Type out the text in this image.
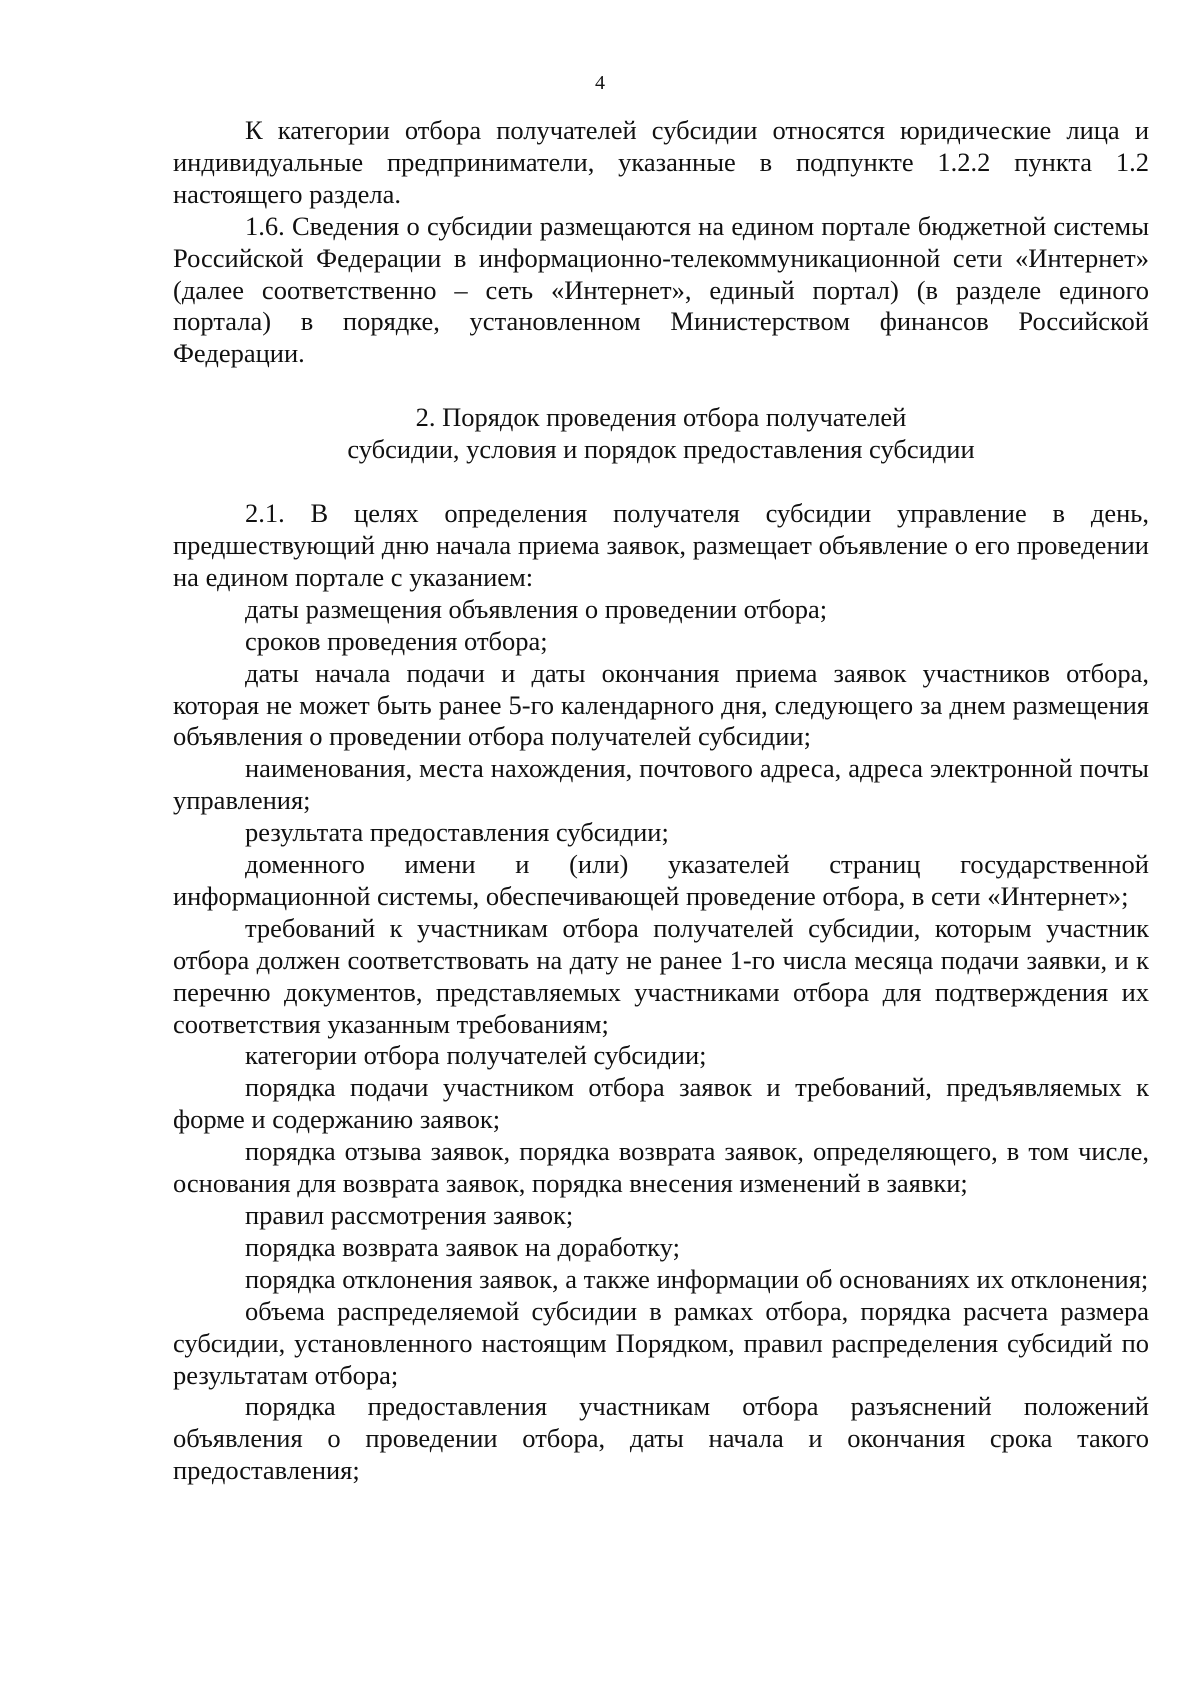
4

К категории отбора получателей субсидии относятся юридические лица и индивидуальные предприниматели, указанные в подпункте 1.2.2 пункта 1.2 настоящего раздела.

1.6. Сведения о субсидии размещаются на едином портале бюджетной системы Российской Федерации в информационно-телекоммуникационной сети «Интернет» (далее соответственно – сеть «Интернет», единый портал) (в разделе единого портала) в порядке, установленном Министерством финансов Российской Федерации.

2. Порядок проведения отбора получателей

субсидии, условия и порядок предоставления субсидии

2.1. В целях определения получателя субсидии управление в день, предшествующий дню начала приема заявок, размещает объявление о его проведении на едином портале с указанием:

даты размещения объявления о проведении отбора;

сроков проведения отбора;

даты начала подачи и даты окончания приема заявок участников отбора, которая не может быть ранее 5-го календарного дня, следующего за днем размещения объявления о проведении отбора получателей субсидии;

наименования, места нахождения, почтового адреса, адреса электронной почты управления;

результата предоставления субсидии;

доменного имени и (или) указателей страниц государственной информационной системы, обеспечивающей проведение отбора, в сети «Интернет»;

требований к участникам отбора получателей субсидии, которым участник отбора должен соответствовать на дату не ранее 1-го числа месяца подачи заявки, и к перечню документов, представляемых участниками отбора для подтверждения их соответствия указанным требованиям;

категории отбора получателей субсидии;

порядка подачи участником отбора заявок и требований, предъявляемых к форме и содержанию заявок;

порядка отзыва заявок, порядка возврата заявок, определяющего, в том числе, основания для возврата заявок, порядка внесения изменений в заявки;

правил рассмотрения заявок;

порядка возврата заявок на доработку;

порядка отклонения заявок, а также информации об основаниях их отклонения;

объема распределяемой субсидии в рамках отбора, порядка расчета размера субсидии, установленного настоящим Порядком, правил распределения субсидий по результатам отбора;

порядка предоставления участникам отбора разъяснений положений объявления о проведении отбора, даты начала и окончания срока такого предоставления;
